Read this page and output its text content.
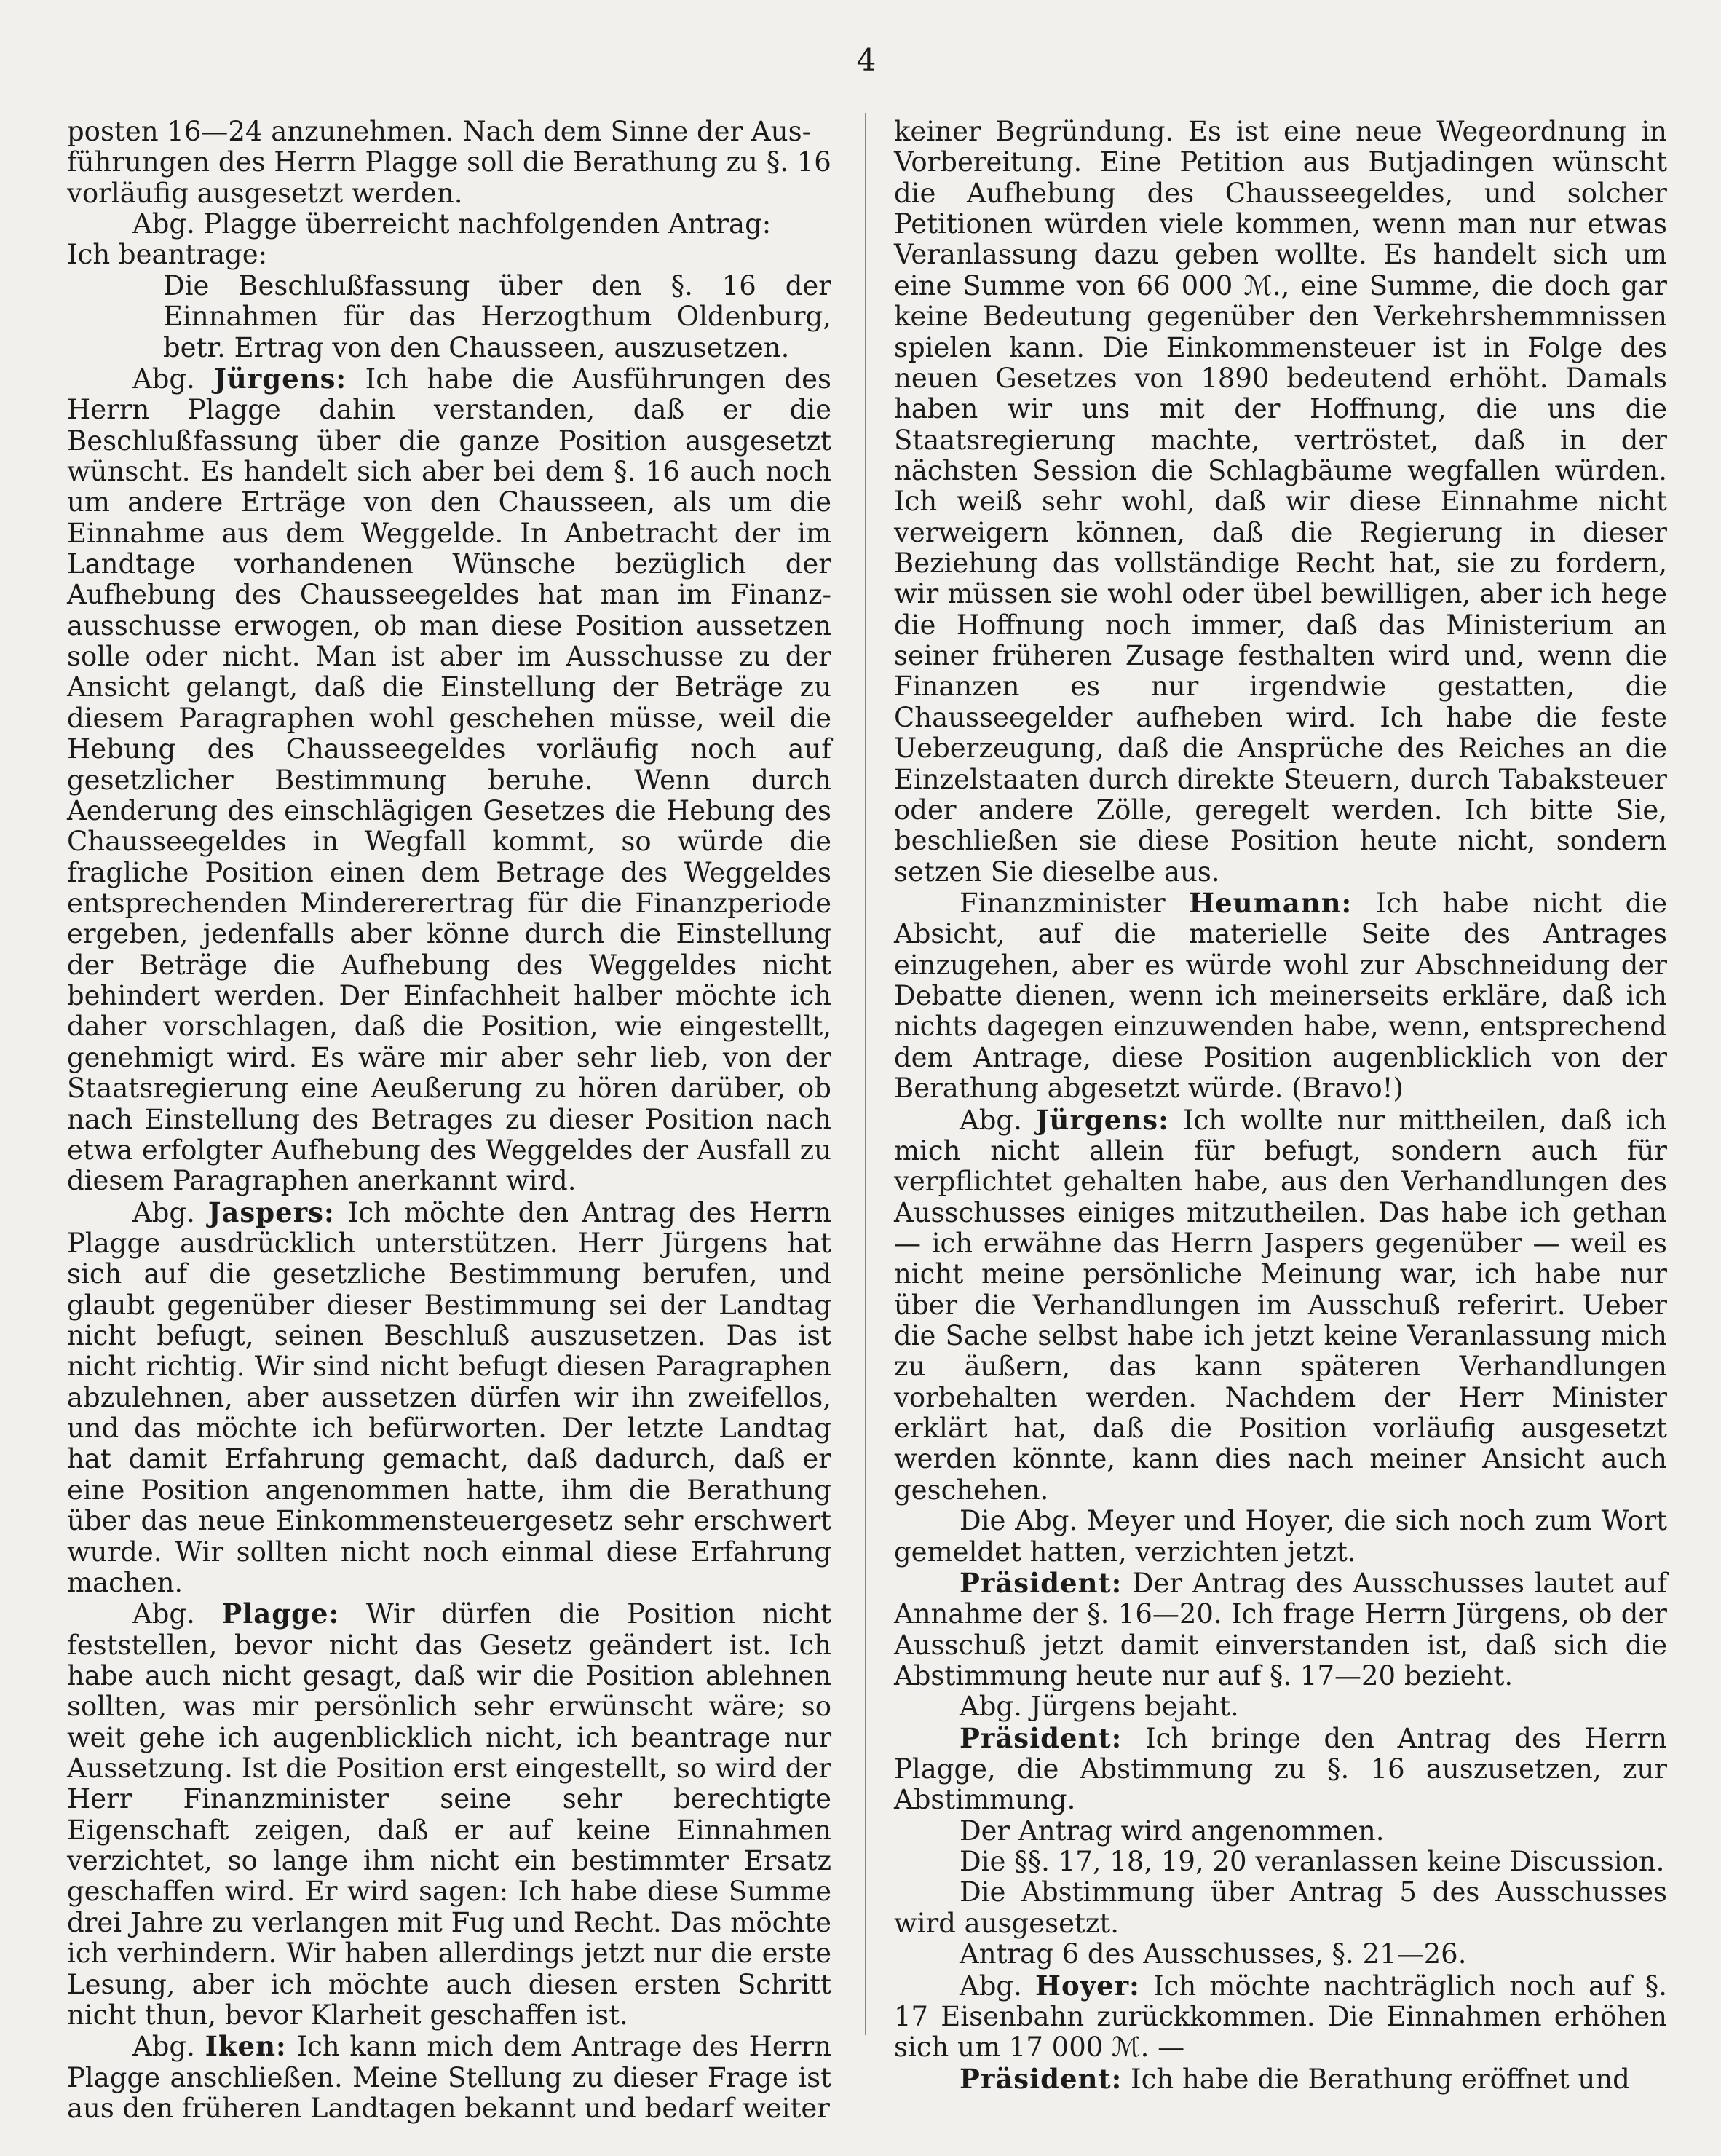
4

posten 16—24 anzunehmen. Nach dem Sinne der Aus-
führungen des Herrn Plagge soll die Berathung zu §. 16
vorläufig ausgesetzt werden.

Abg. Plagge überreicht nachfolgenden Antrag:
Ich beantrage:

Die Beschlußfassung über den §. 16 der Einnahmen für das Herzogthum Oldenburg, betr. Ertrag von den Chausseen, auszusetzen.

Abg. Jürgens: Ich habe die Ausführungen des Herrn Plagge dahin verstanden, daß er die Beschlußfassung über die ganze Position ausgesetzt wünscht. Es handelt sich aber bei dem §. 16 auch noch um andere Erträge von den Chausseen, als um die Einnahme aus dem Weggelde. In Anbetracht der im Landtage vorhandenen Wünsche bezüglich der Aufhebung des Chausseegeldes hat man im Finanz-ausschusse erwogen, ob man diese Position aussetzen solle oder nicht. Man ist aber im Ausschusse zu der Ansicht gelangt, daß die Einstellung der Beträge zu diesem Paragraphen wohl geschehen müsse, weil die Hebung des Chausseegeldes vorläufig noch auf gesetzlicher Bestimmung beruhe. Wenn durch Aenderung des einschlägigen Gesetzes die Hebung des Chausseegeldes in Wegfall kommt, so würde die fragliche Position einen dem Betrage des Weggeldes entsprechenden Mindererertrag für die Finanzperiode ergeben, jedenfalls aber könne durch die Einstellung der Beträge die Aufhebung des Weggeldes nicht behindert werden. Der Einfachheit halber möchte ich daher vorschlagen, daß die Position, wie eingestellt, genehmigt wird. Es wäre mir aber sehr lieb, von der Staatsregierung eine Aeußerung zu hören darüber, ob nach Einstellung des Betrages zu dieser Position nach etwa erfolgter Aufhebung des Weggeldes der Ausfall zu diesem Paragraphen anerkannt wird.

Abg. Jaspers: Ich möchte den Antrag des Herrn Plagge ausdrücklich unterstützen. Herr Jürgens hat sich auf die gesetzliche Bestimmung berufen, und glaubt gegenüber dieser Bestimmung sei der Landtag nicht befugt, seinen Beschluß auszusetzen. Das ist nicht richtig. Wir sind nicht befugt diesen Paragraphen abzulehnen, aber aussetzen dürfen wir ihn zweifellos, und das möchte ich befürworten. Der letzte Landtag hat damit Erfahrung gemacht, daß dadurch, daß er eine Position angenommen hatte, ihm die Berathung über das neue Einkommensteuergesetz sehr erschwert wurde. Wir sollten nicht noch einmal diese Erfahrung machen.

Abg. Plagge: Wir dürfen die Position nicht feststellen, bevor nicht das Gesetz geändert ist. Ich habe auch nicht gesagt, daß wir die Position ablehnen sollten, was mir persönlich sehr erwünscht wäre; so weit gehe ich augenblicklich nicht, ich beantrage nur Aussetzung. Ist die Position erst eingestellt, so wird der Herr Finanzminister seine sehr berechtigte Eigenschaft zeigen, daß er auf keine Einnahmen verzichtet, so lange ihm nicht ein bestimmter Ersatz geschaffen wird. Er wird sagen: Ich habe diese Summe drei Jahre zu verlangen mit Fug und Recht. Das möchte ich verhindern. Wir haben allerdings jetzt nur die erste Lesung, aber ich möchte auch diesen ersten Schritt nicht thun, bevor Klarheit geschaffen ist.

Abg. Iken: Ich kann mich dem Antrage des Herrn Plagge anschließen. Meine Stellung zu dieser Frage ist aus den früheren Landtagen bekannt und bedarf weiter

keiner Begründung. Es ist eine neue Wegeordnung in Vorbereitung. Eine Petition aus Butjadingen wünscht die Aufhebung des Chausseegeldes, und solcher Petitionen würden viele kommen, wenn man nur etwas Veranlassung dazu geben wollte. Es handelt sich um eine Summe von 66 000 ℳ., eine Summe, die doch gar keine Bedeutung gegenüber den Verkehrshemmnissen spielen kann. Die Einkommensteuer ist in Folge des neuen Gesetzes von 1890 bedeutend erhöht. Damals haben wir uns mit der Hoffnung, die uns die Staatsregierung machte, vertröstet, daß in der nächsten Session die Schlagbäume wegfallen würden. Ich weiß sehr wohl, daß wir diese Einnahme nicht verweigern können, daß die Regierung in dieser Beziehung das vollständige Recht hat, sie zu fordern, wir müssen sie wohl oder übel bewilligen, aber ich hege die Hoffnung noch immer, daß das Ministerium an seiner früheren Zusage festhalten wird und, wenn die Finanzen es nur irgendwie gestatten, die Chausseegelder aufheben wird. Ich habe die feste Ueberzeugung, daß die Ansprüche des Reiches an die Einzelstaaten durch direkte Steuern, durch Tabaksteuer oder andere Zölle, geregelt werden. Ich bitte Sie, beschließen sie diese Position heute nicht, sondern setzen Sie dieselbe aus.

Finanzminister Heumann: Ich habe nicht die Absicht, auf die materielle Seite des Antrages einzugehen, aber es würde wohl zur Abschneidung der Debatte dienen, wenn ich meinerseits erkläre, daß ich nichts dagegen einzuwenden habe, wenn, entsprechend dem Antrage, diese Position augenblicklich von der Berathung abgesetzt würde. (Bravo!)

Abg. Jürgens: Ich wollte nur mittheilen, daß ich mich nicht allein für befugt, sondern auch für verpflichtet gehalten habe, aus den Verhandlungen des Ausschusses einiges mitzutheilen. Das habe ich gethan — ich erwähne das Herrn Jaspers gegenüber — weil es nicht meine persönliche Meinung war, ich habe nur über die Verhandlungen im Ausschuß referirt. Ueber die Sache selbst habe ich jetzt keine Veranlassung mich zu äußern, das kann späteren Verhandlungen vorbehalten werden. Nachdem der Herr Minister erklärt hat, daß die Position vorläufig ausgesetzt werden könnte, kann dies nach meiner Ansicht auch geschehen.

Die Abg. Meyer und Hoyer, die sich noch zum Wort gemeldet hatten, verzichten jetzt.

Präsident: Der Antrag des Ausschusses lautet auf Annahme der §. 16—20. Ich frage Herrn Jürgens, ob der Ausschuß jetzt damit einverstanden ist, daß sich die Abstimmung heute nur auf §. 17—20 bezieht.

Abg. Jürgens bejaht.

Präsident: Ich bringe den Antrag des Herrn Plagge, die Abstimmung zu §. 16 auszusetzen, zur Abstimmung.

Der Antrag wird angenommen.

Die §§. 17, 18, 19, 20 veranlassen keine Discussion.

Die Abstimmung über Antrag 5 des Ausschusses wird ausgesetzt.

Antrag 6 des Ausschusses, §. 21—26.

Abg. Hoyer: Ich möchte nachträglich noch auf §. 17 Eisenbahn zurückkommen. Die Einnahmen erhöhen sich um 17 000 ℳ. —

Präsident: Ich habe die Berathung eröffnet und
